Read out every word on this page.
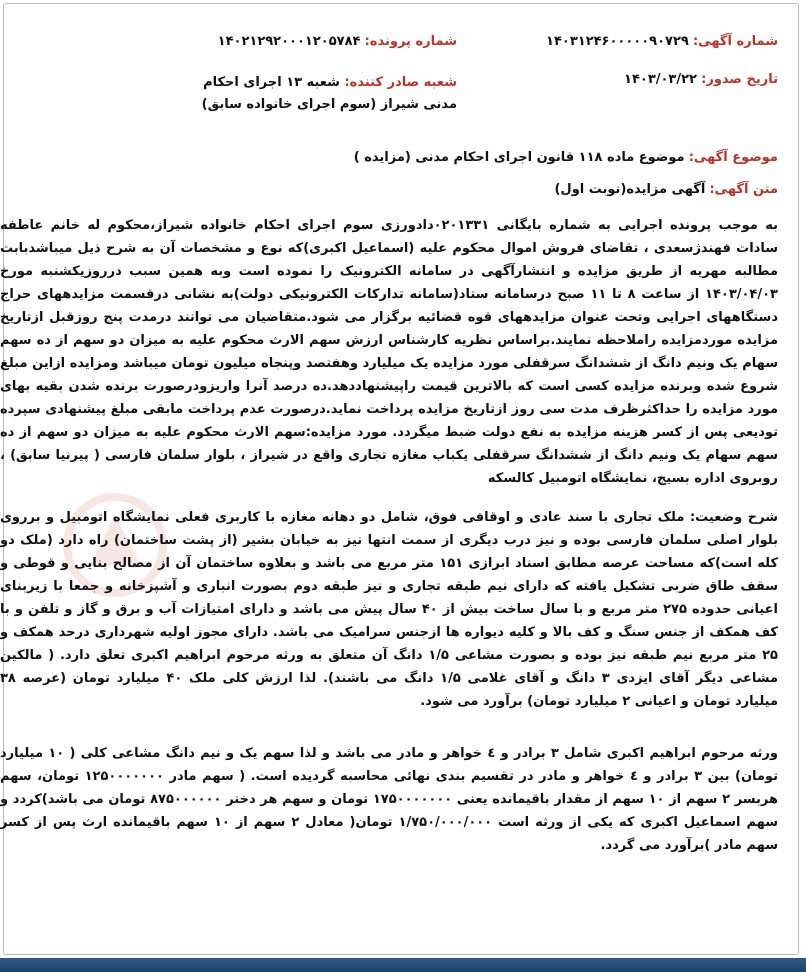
شماره آگهی: ۱۴۰۳۱۲۴۶۰۰۰۰۰۹۰۷۲۹
شماره پرونده: ۱۴۰۲۱۲۹۲۰۰۰۱۲۰۵۷۸۴
تاریخ صدور: ۱۴۰۳/۰۳/۲۲
شعبه صادر کننده: شعبه ۱۳ اجرای احکام مدنی شیراز (سوم اجرای خانواده سابق)
موضوع آگهی: موضوع ماده ۱۱۸ قانون اجرای احکام مدنی (مزایده )
متن آگهی: آگهی مزایده(نوبت اول)

به موجب پرونده اجرایی به شماره بایگانی ۰۲۰۱۳۳۱دادورزی سوم اجرای احکام خانواده شیراز،محکوم له خانم عاطفه سادات فهندژسعدی ، تقاضای فروش اموال محکوم علیه (اسماعیل اکبری)که نوع و مشخصات آن به شرح ذیل میباشدبابت مطالبه مهریه از طریق مزایده و انتشارآگهی در سامانه الکترونیک را نموده است وبه همین سبب درروزیکشنبه مورخ ۱۴۰۳/۰۴/۰۳ از ساعت ۸ تا ۱۱ صبح درسامانه ستاد(سامانه تدارکات الکترونیکی دولت)به نشانی درقسمت مزایدههای حراج دستگاههای اجرایی وتحت عنوان مزایدههای قوه قضائیه برگزار می شود.متقاضیان می توانند درمدت پنج روزقبل ازتاریخ مزایده موردمزایده راملاحظه نمایند.براساس نظریه کارشناس ارزش سهم الارث محکوم علیه به میزان دو سهم از ده سهم سهام یک ونیم دانگ از ششدانگ سرقفلی مورد مزایده یک میلیارد وهفتصد وپنجاه میلیون تومان میباشد ومزایده ازاین مبلغ شروع شده وبرنده مزایده کسی است که بالاترین قیمت راپیشنهاددهد.ده درصد آنرا واریزودرصورت برنده شدن بقیه بهای مورد مزایده را حداکثرظرف مدت سی روز ازتاریخ مزایده پرداخت نماید.درصورت عدم پرداخت مابقی مبلغ پیشنهادی سپرده تودیعی پس از کسر هزینه مزایده به نفع دولت ضبط میگردد. مورد مزایده:سهم الارث محکوم علیه به میزان دو سهم از ده سهم سهام یک ونیم دانگ از ششدانگ سرقفلی یکباب مغازه تجاری واقع در شیراز ، بلوار سلمان فارسی ( پیرنیا سابق) ، روبروی اداره بسیج، نمایشگاه اتومبیل کالسکه

شرح وضعیت: ملک تجاری با سند عادی و اوقافی فوق، شامل دو دهانه مغازه با کاربری فعلی نمایشگاه اتومبیل و برروی بلوار اصلی سلمان فارسی بوده و نیز درب دیگری از سمت انتها نیز به خیابان بشیر (از پشت ساختمان) راه دارد (ملک دو کله است)که مساحت عرصه مطابق اسناد ابرازی ۱۵۱ متر مربع می باشد و بعلاوه ساختمان آن از مصالح بنایی و قوطی و سقف طاق ضربی تشکیل یافته که دارای نیم طبقه تجاری و نیز طبقه دوم بصورت انباری و آشپزخانه و جمعا با زیربنای اعیانی حدوده ۲۷۵ متر مربع و با سال ساخت بیش از ۴۰ سال پیش می باشد و دارای امتیازات آب و برق و گاز و تلفن و با کف همکف از جنس سنگ و کف بالا و کلیه دیواره ها ازجنس سرامیک می باشد. دارای مجوز اولیه شهرداری درحد همکف و ۲۵ متر مربع نیم طبقه نیز بوده و بصورت مشاعی ۱/۵ دانگ آن متعلق به ورثه مرحوم ابراهیم اکبری تعلق دارد. ( مالکین مشاعی دیگر آقای ایزدی ۳ دانگ و آقای غلامی ۱/۵ دانگ می باشند). لذا ارزش کلی ملک ۴۰ میلیارد تومان (عرصه ۳۸ میلیارد تومان و اعیانی ۲ میلیارد تومان) برآورد می شود.

ورثه مرحوم ابراهیم اکبری شامل ۳ برادر و ٤ خواهر و مادر می باشد و لذا سهم یک و نیم دانگ مشاعی کلی ( ۱۰ میلیارد تومان) بین ۳ برادر و ٤ خواهر و مادر در تقسیم بندی نهائی محاسبه گردیده است. ( سهم مادر ۱۲۵۰۰۰۰۰۰۰ تومان، سهم هربسر ۲ سهم از ۱۰ سهم از مقدار باقیمانده یعنی ۱۷۵۰۰۰۰۰۰۰ تومان و سهم هر دختر ۸۷۵۰۰۰۰۰۰ تومان می باشد)کردد و سهم اسماعیل اکبری که یکی از ورثه است ۱/۷۵۰/۰۰۰/۰۰۰ تومان( معادل ۲ سهم از ۱۰ سهم باقیمانده ارث پس از کسر سهم مادر )برآورد می گردد.
